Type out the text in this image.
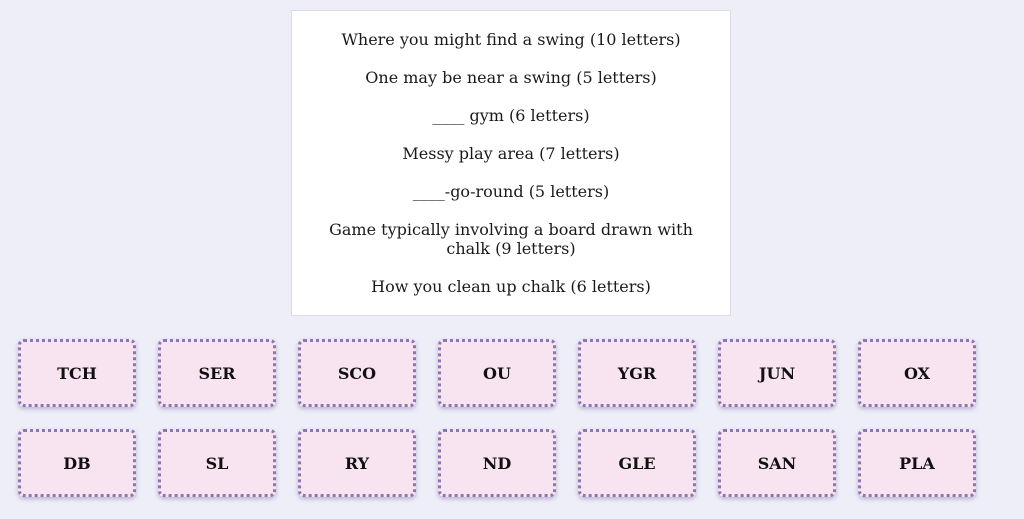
Where you might find a swing (10 letters)
One may be near a swing (5 letters)
____ gym (6 letters)
Messy play area (7 letters)
____-go-round (5 letters)
Game typically involving a board drawn with chalk (9 letters)
How you clean up chalk (6 letters)
TCH	SER	SCO	OU	YGR	JUN	OX
DB	SL	RY	ND	GLE	SAN	PLA
